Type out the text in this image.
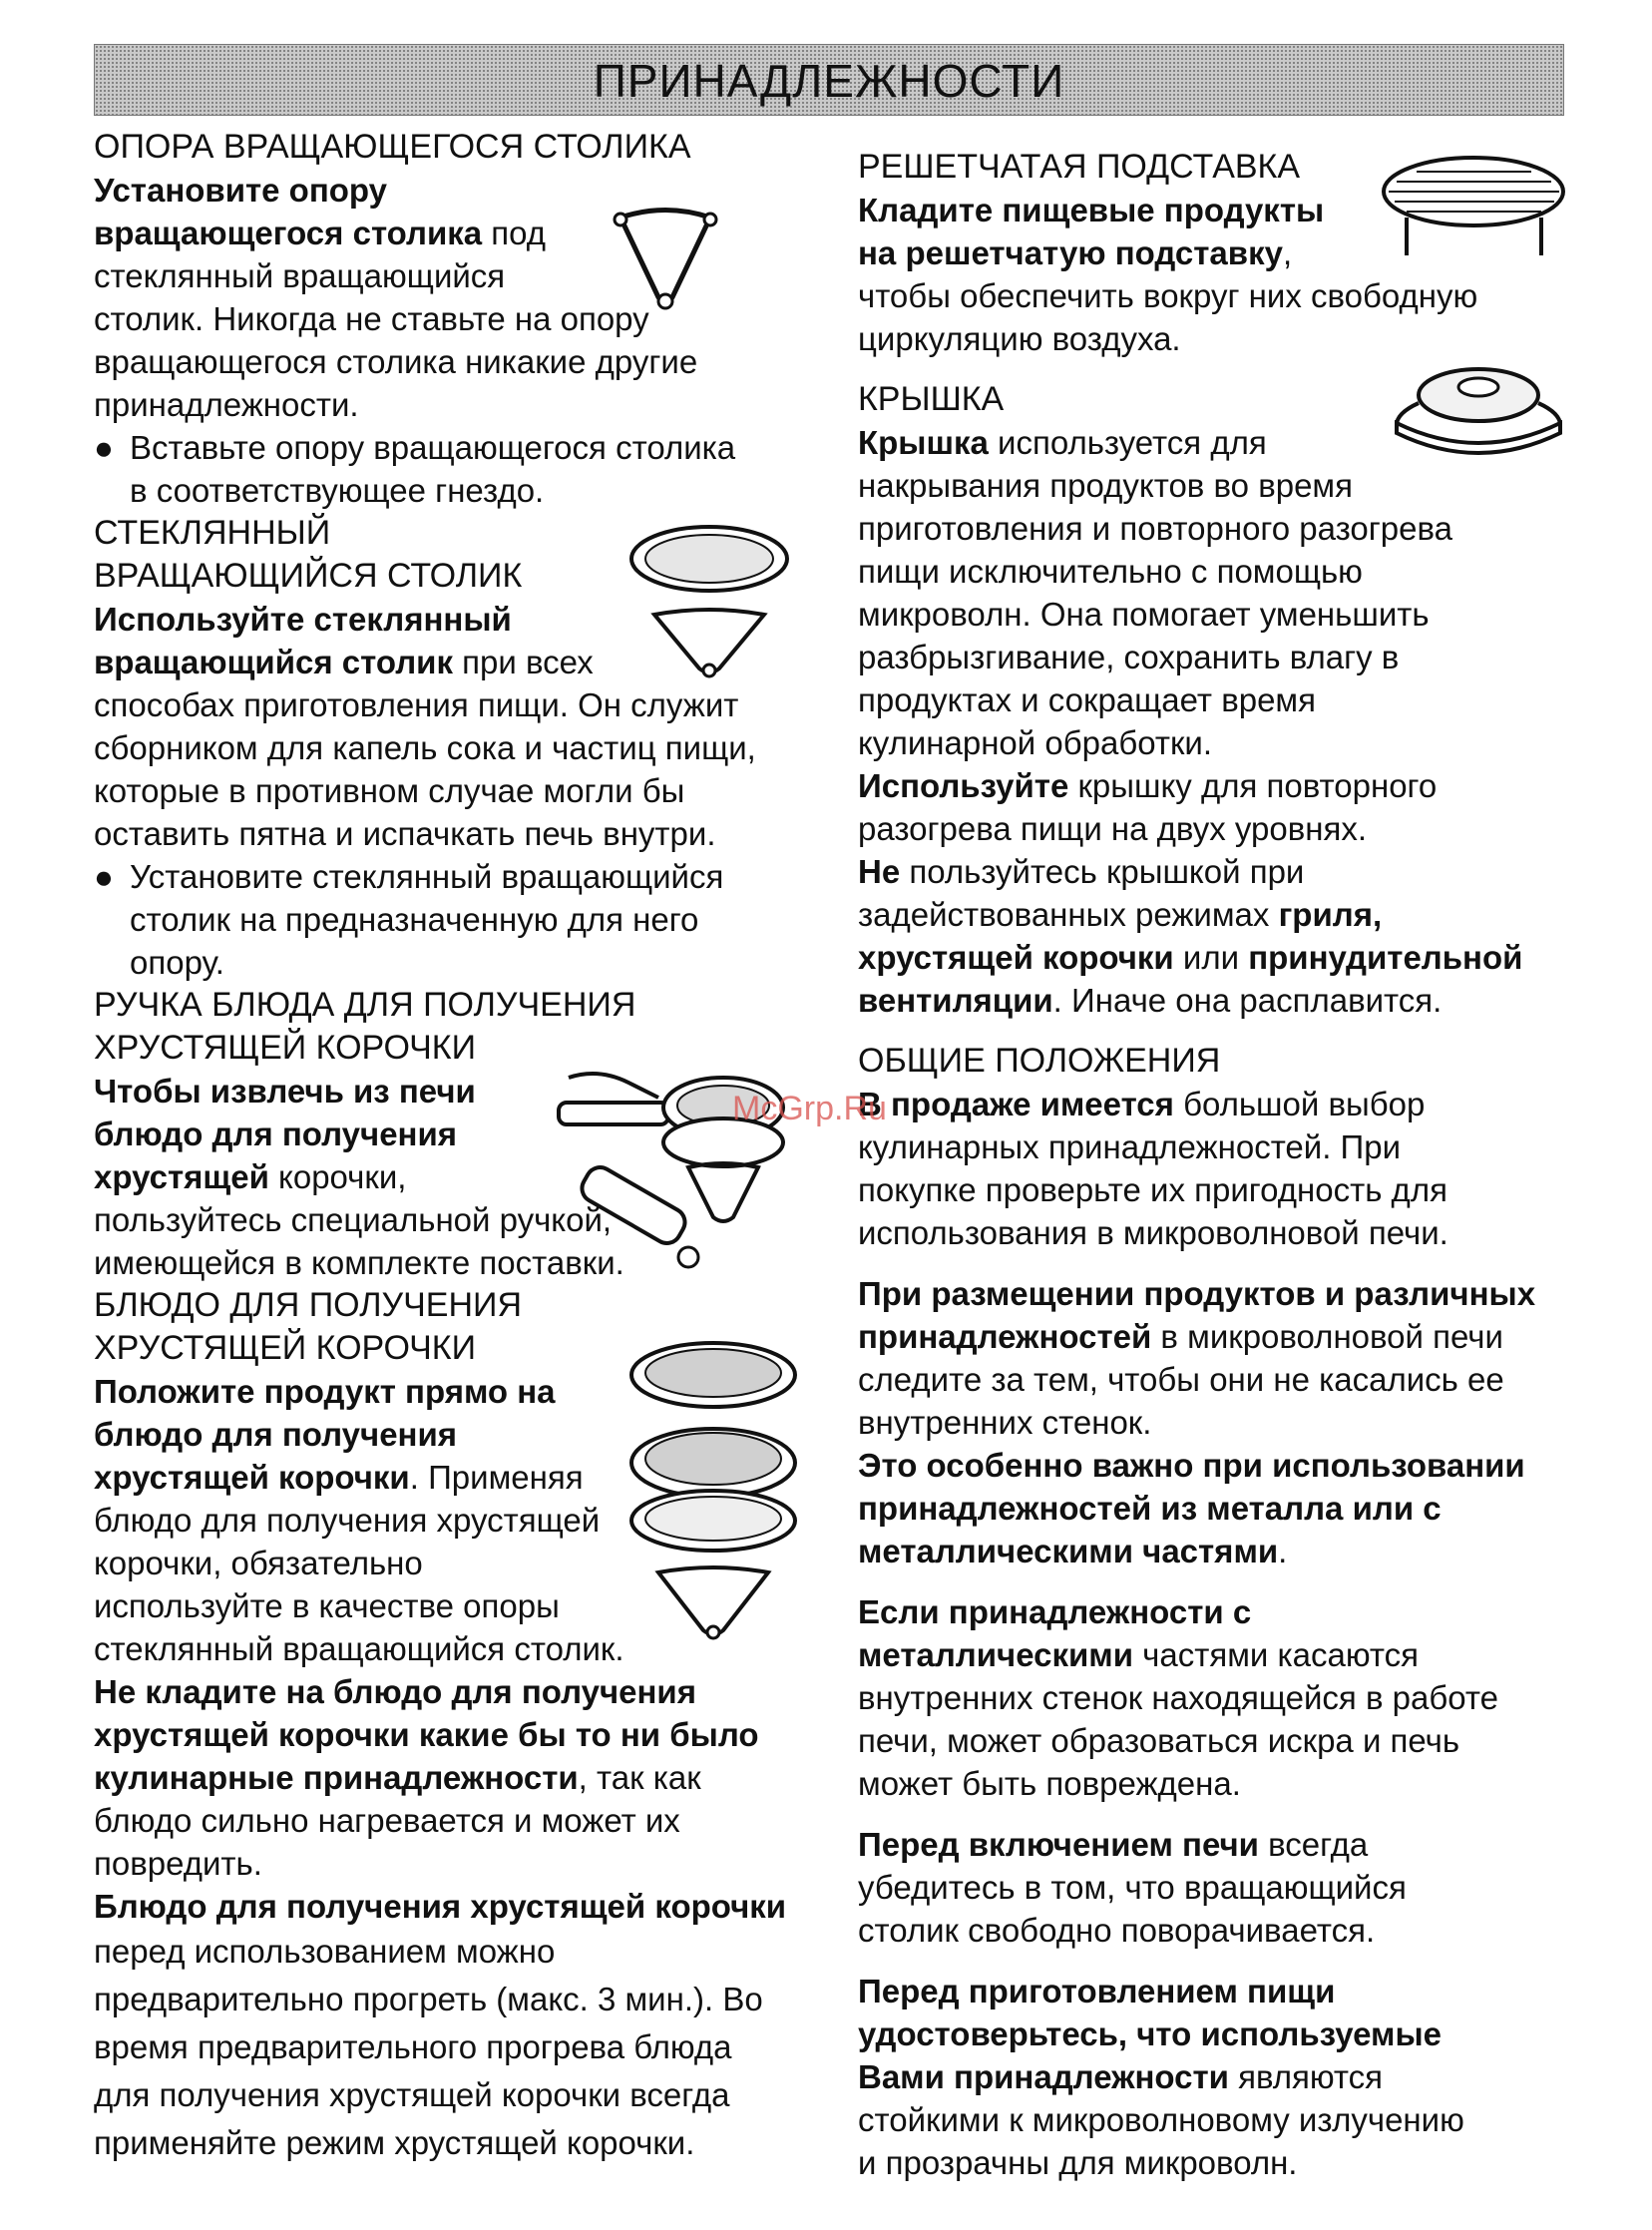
ПРИНАДЛЕЖНОСТИ

ОПОРА ВРАЩАЮЩЕГОСЯ СТОЛИКА

Установите опору

вращающегося столика под

стеклянный вращающийся

столик. Никогда не ставьте на опору

вращающегося столика никакие другие

принадлежности.

● Вставьте опору вращающегося столика

в соответствующее гнездо.

СТЕКЛЯННЫЙ

ВРАЩАЮЩИЙСЯ СТОЛИК

Используйте стеклянный

вращающийся столик при всех

способах приготовления пищи. Он служит

сборником для капель сока и частиц пищи,

которые в противном случае могли бы

оставить пятна и испачкать печь внутри.

● Установите стеклянный вращающийся

столик на предназначенную для него

опору.

РУЧКА БЛЮДА ДЛЯ ПОЛУЧЕНИЯ

ХРУСТЯЩЕЙ КОРОЧКИ

Чтобы извлечь из печи

блюдо для получения

хрустящей корочки,

пользуйтесь специальной ручкой,

имеющейся в комплекте поставки.

БЛЮДО ДЛЯ ПОЛУЧЕНИЯ

ХРУСТЯЩЕЙ КОРОЧКИ

Положите продукт прямо на

блюдо для получения

хрустящей корочки. Применяя

блюдо для получения хрустящей

корочки, обязательно

используйте в качестве опоры

стеклянный вращающийся столик.

Не кладите на блюдо для получения

хрустящей корочки какие бы то ни было

кулинарные принадлежности, так как

блюдо сильно нагревается и может их

повредить.

Блюдо для получения хрустящей корочки

перед использованием можно

предварительно прогреть (макс. 3 мин.). Во

время предварительного прогрева блюда

для получения хрустящей корочки всегда

применяйте режим хрустящей корочки.

РЕШЕТЧАТАЯ ПОДСТАВКА

Кладите пищевые продукты

на решетчатую подставку,

чтобы обеспечить вокруг них свободную

циркуляцию воздуха.

КРЫШКА

Крышка используется для

накрывания продуктов во время

приготовления и повторного разогрева

пищи исключительно с помощью

микроволн. Она помогает уменьшить

разбрызгивание, сохранить влагу в

продуктах и сокращает время

кулинарной обработки.

Используйте крышку для повторного

разогрева пищи на двух уровнях.

Не пользуйтесь крышкой при

задействованных режимах гриля,

хрустящей корочки или принудительной

вентиляции. Иначе она расплавится.

ОБЩИЕ ПОЛОЖЕНИЯ

В продаже имеется большой выбор

кулинарных принадлежностей. При

покупке проверьте их пригодность для

использования в микроволновой печи.

При размещении продуктов и различных

принадлежностей в микроволновой печи

следите за тем, чтобы они не касались ее

внутренних стенок.

Это особенно важно при использовании

принадлежностей из металла или с

металлическими частями.

Если принадлежности с

металлическими частями касаются

внутренних стенок находящейся в работе

печи, может образоваться искра и печь

может быть повреждена.

Перед включением печи всегда

убедитесь в том, что вращающийся

столик свободно поворачивается.

Перед приготовлением пищи

удостоверьтесь, что используемые

Вами принадлежности являются

стойкими к микроволновому излучению

и прозрачны для микроволн.

McGrp.Ru
